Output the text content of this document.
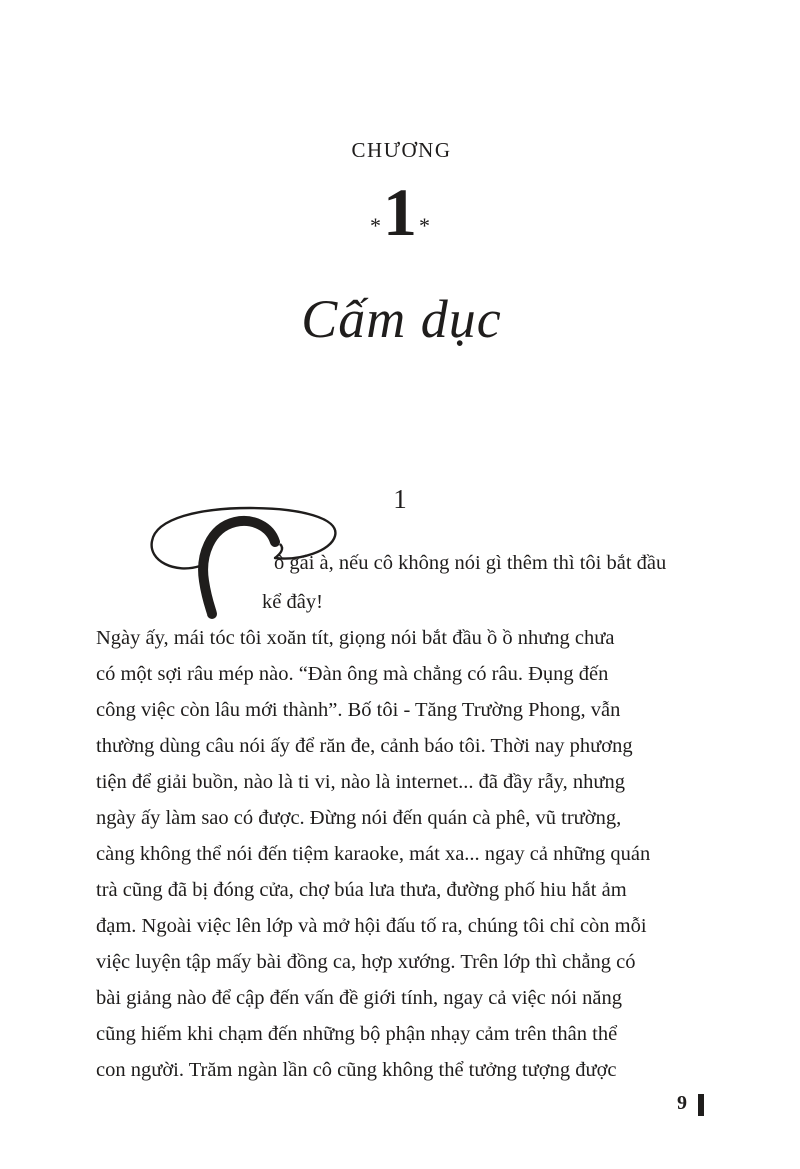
CHƯƠNG
*1*
Cấm dục
1
ô gái à, nếu cô không nói gì thêm thì tôi bắt đầu
kể đây!
Ngày ấy, mái tóc tôi xoăn tít, giọng nói bắt đầu ồ ồ nhưng chưa
có một sợi râu mép nào. “Đàn ông mà chẳng có râu. Đụng đến
công việc còn lâu mới thành”. Bố tôi - Tăng Trường Phong, vẫn
thường dùng câu nói ấy để răn đe, cảnh báo tôi. Thời nay phương
tiện để giải buồn, nào là ti vi, nào là internet... đã đầy rẫy, nhưng
ngày ấy làm sao có được. Đừng nói đến quán cà phê, vũ trường,
càng không thể nói đến tiệm karaoke, mát xa... ngay cả những quán
trà cũng đã bị đóng cửa, chợ búa lưa thưa, đường phố hiu hắt ảm
đạm. Ngoài việc lên lớp và mở hội đấu tố ra, chúng tôi chỉ còn mỗi
việc luyện tập mấy bài đồng ca, hợp xướng. Trên lớp thì chẳng có
bài giảng nào để cập đến vấn đề giới tính, ngay cả việc nói năng
cũng hiếm khi chạm đến những bộ phận nhạy cảm trên thân thể
con người. Trăm ngàn lần cô cũng không thể tưởng tượng được
9
